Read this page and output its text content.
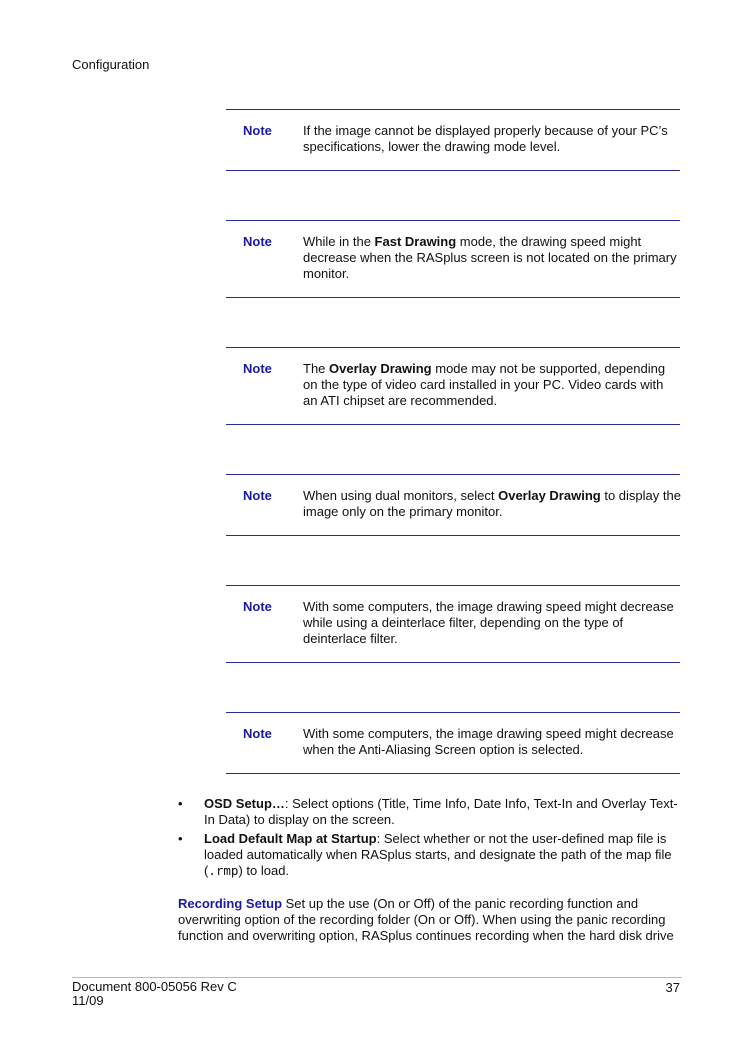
Configuration
Note If the image cannot be displayed properly because of your PC’s specifications, lower the drawing mode level.
Note While in the Fast Drawing mode, the drawing speed might decrease when the RASplus screen is not located on the primary monitor.
Note The Overlay Drawing mode may not be supported, depending on the type of video card installed in your PC. Video cards with an ATI chipset are recommended.
Note When using dual monitors, select Overlay Drawing to display the image only on the primary monitor.
Note With some computers, the image drawing speed might decrease while using a deinterlace filter, depending on the type of deinterlace filter.
Note With some computers, the image drawing speed might decrease when the Anti-Aliasing Screen option is selected.
• OSD Setup…: Select options (Title, Time Info, Date Info, Text-In and Overlay Text-In Data) to display on the screen.
• Load Default Map at Startup: Select whether or not the user-defined map file is loaded automatically when RASplus starts, and designate the path of the map file (.rmp) to load.
Recording Setup Set up the use (On or Off) of the panic recording function and overwriting option of the recording folder (On or Off). When using the panic recording function and overwriting option, RASplus continues recording when the hard disk drive
Document 800-05056 Rev C
11/09
37
